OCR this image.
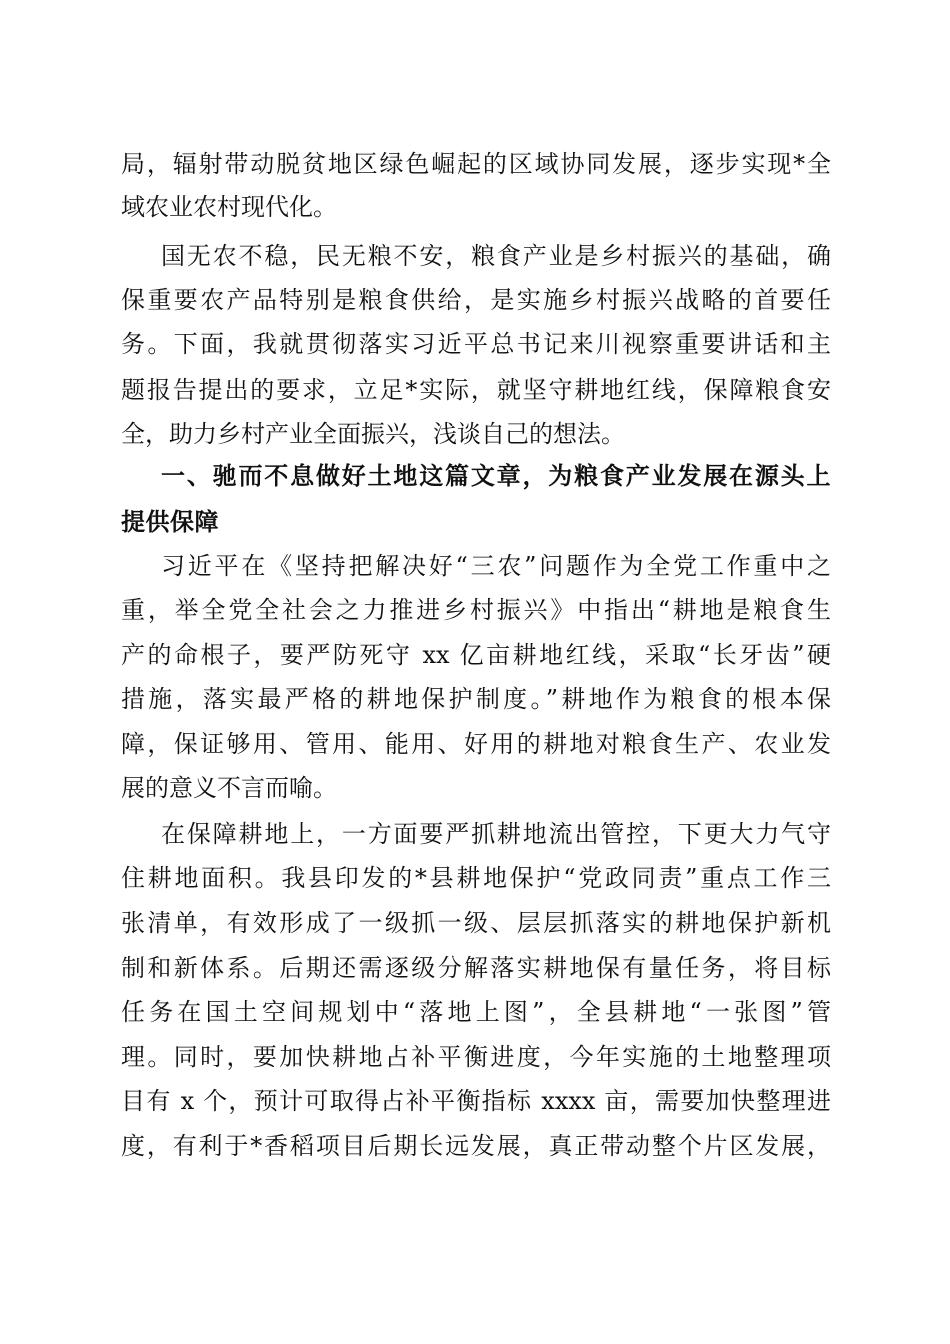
局，辐射带动脱贫地区绿色崛起的区域协同发展，逐步实现*全
域农业农村现代化。
国无农不稳，民无粮不安，粮食产业是乡村振兴的基础，确
保重要农产品特别是粮食供给，是实施乡村振兴战略的首要任
务。下面，我就贯彻落实习近平总书记来川视察重要讲话和主
题报告提出的要求，立足*实际，就坚守耕地红线，保障粮食安
全，助力乡村产业全面振兴，浅谈自己的想法。
一、驰而不息做好土地这篇文章，为粮食产业发展在源头上
提供保障
习近平在《坚持把解决好“三农”问题作为全党工作重中之
重，举全党全社会之力推进乡村振兴》中指出“耕地是粮食生
产的命根子，要严防死守 xx 亿亩耕地红线，采取“长牙齿”硬
措施，落实最严格的耕地保护制度。”耕地作为粮食的根本保
障，保证够用、管用、能用、好用的耕地对粮食生产、农业发
展的意义不言而喻。
在保障耕地上，一方面要严抓耕地流出管控，下更大力气守
住耕地面积。我县印发的*县耕地保护“党政同责”重点工作三
张清单，有效形成了一级抓一级、层层抓落实的耕地保护新机
制和新体系。后期还需逐级分解落实耕地保有量任务，将目标
任务在国土空间规划中“落地上图”，全县耕地“一张图”管
理。同时，要加快耕地占补平衡进度，今年实施的土地整理项
目有 x 个，预计可取得占补平衡指标 xxxx 亩，需要加快整理进
度，有利于*香稻项目后期长远发展，真正带动整个片区发展，
